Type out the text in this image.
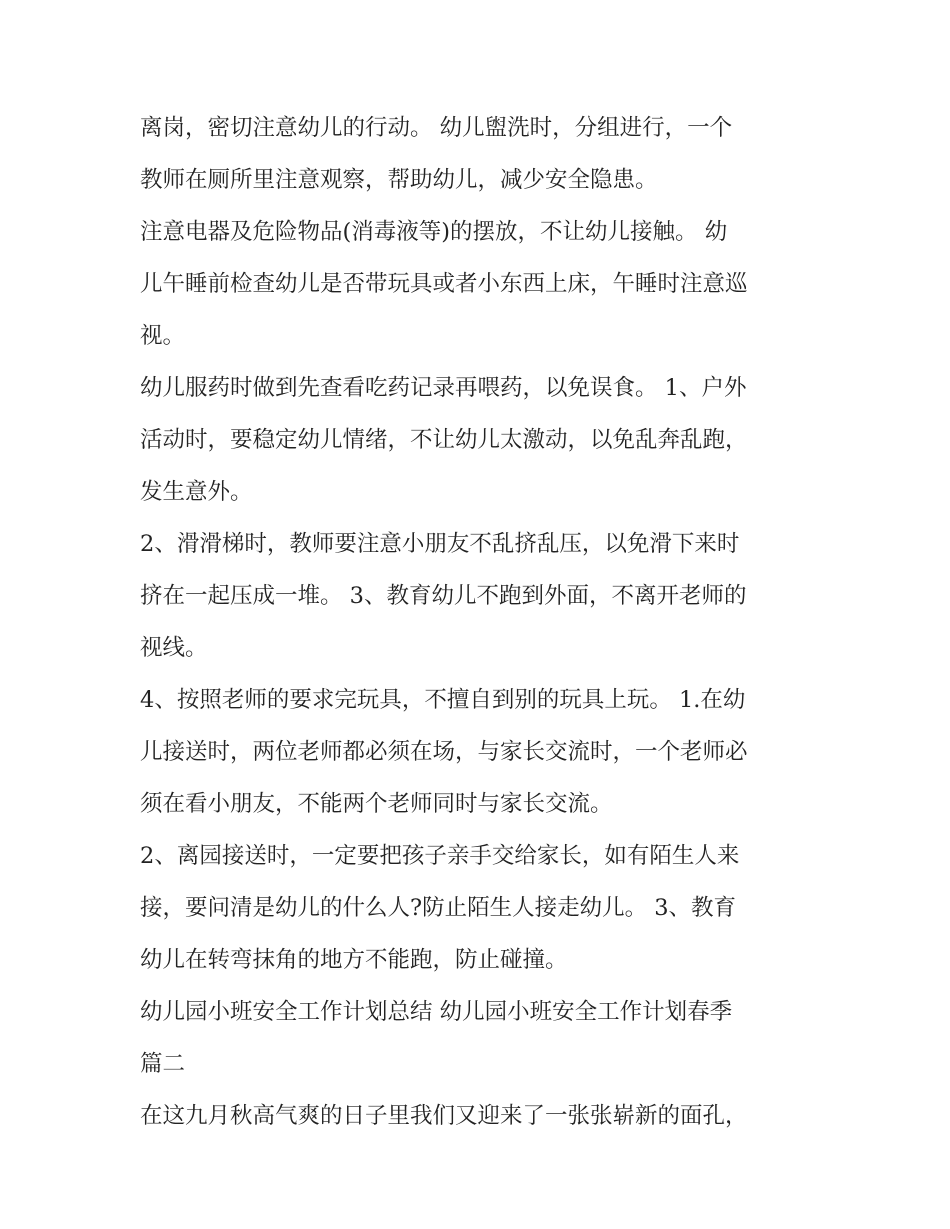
离岗，密切注意幼儿的行动。 幼儿盥洗时，分组进行，一个
教师在厕所里注意观察，帮助幼儿，减少安全隐患。
注意电器及危险物品(消毒液等)的摆放，不让幼儿接触。 幼
儿午睡前检查幼儿是否带玩具或者小东西上床，午睡时注意巡
视。
幼儿服药时做到先查看吃药记录再喂药，以免误食。 1、户外
活动时，要稳定幼儿情绪，不让幼儿太激动，以免乱奔乱跑，
发生意外。
2、滑滑梯时，教师要注意小朋友不乱挤乱压，以免滑下来时
挤在一起压成一堆。 3、教育幼儿不跑到外面，不离开老师的
视线。
4、按照老师的要求完玩具，不擅自到别的玩具上玩。 1.在幼
儿接送时，两位老师都必须在场，与家长交流时，一个老师必
须在看小朋友，不能两个老师同时与家长交流。
2、离园接送时，一定要把孩子亲手交给家长，如有陌生人来
接，要问清是幼儿的什么人?防止陌生人接走幼儿。 3、教育
幼儿在转弯抹角的地方不能跑，防止碰撞。
幼儿园小班安全工作计划总结 幼儿园小班安全工作计划春季
篇二
在这九月秋高气爽的日子里我们又迎来了一张张崭新的面孔，
